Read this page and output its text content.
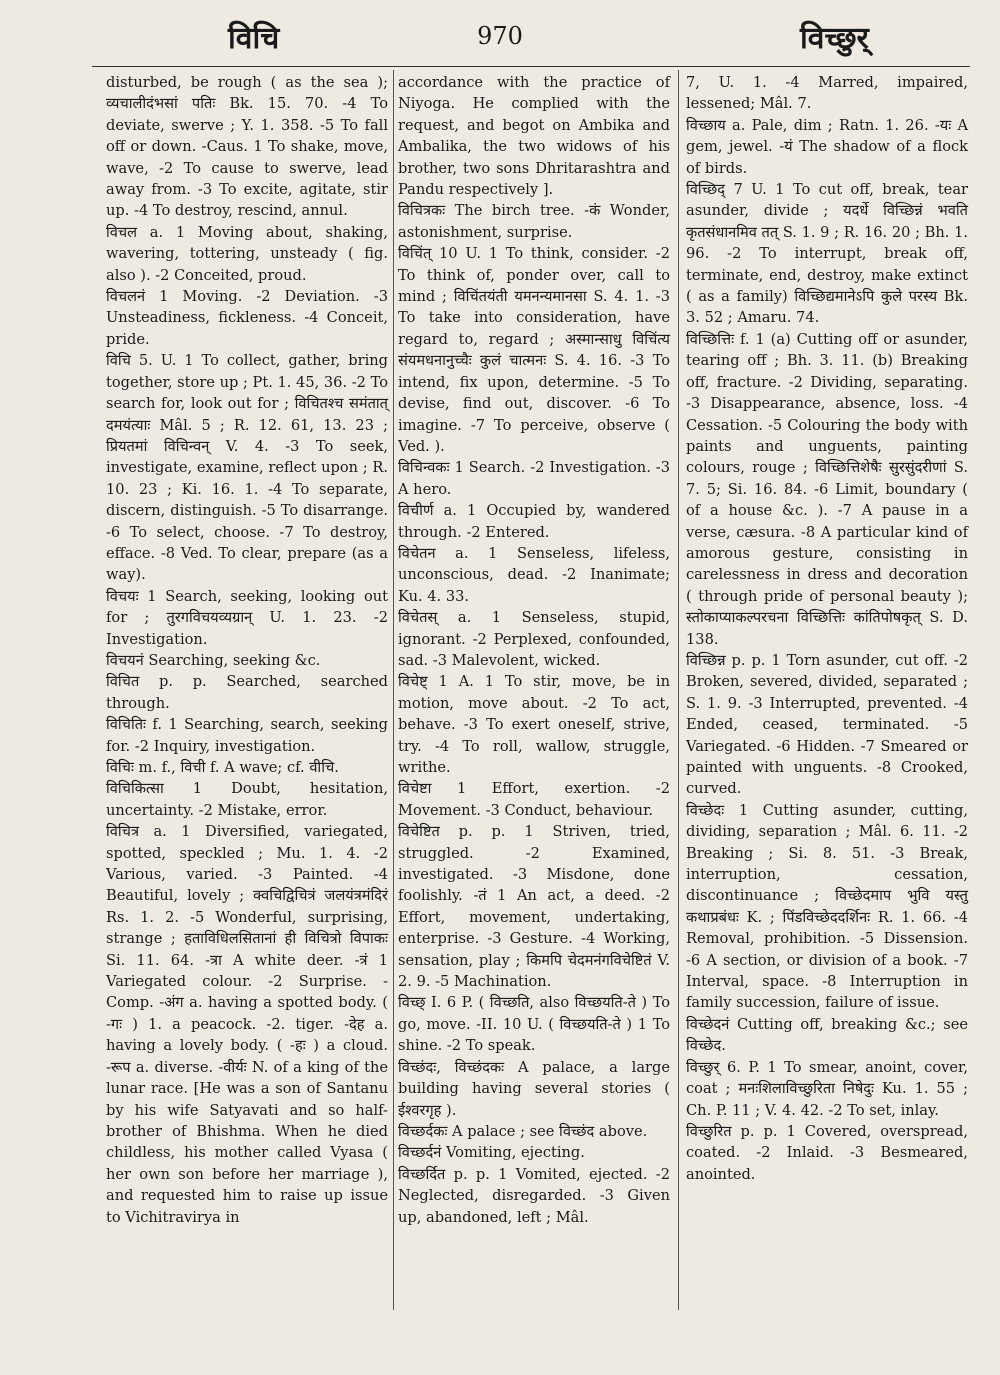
विचि	970	विच्छुर्

disturbed, be rough ( as the sea ); व्यचालीदंभसां पतिः Bk. 15. 70. -4 To deviate, swerve ; Y. 1. 358. -5 To fall off or down. -Caus. 1 To shake, move, wave, -2 To cause to swerve, lead away from. -3 To excite, agitate, stir up. -4 To destroy, rescind, annul.

विचल a. 1 Moving about, shaking, wavering, tottering, unsteady ( fig. also ). -2 Conceited, proud.

विचलनं 1 Moving. -2 Deviation. -3 Unsteadiness, fickleness. -4 Conceit, pride.

विचि 5. U. 1 To collect, gather, bring together, store up ; Pt. 1. 45, 36. -2 To search for, look out for ; विचितश्च समंतात् दमयंत्याः Mâl. 5 ; R. 12. 61, 13. 23 ; प्रियतमां विचिन्वन् V. 4. -3 To seek, investigate, examine, reflect upon ; R. 10. 23 ; Ki. 16. 1. -4 To separate, discern, distinguish. -5 To disarrange. -6 To select, choose. -7 To destroy, efface. -8 Ved. To clear, prepare (as a way).

विचयः 1 Search, seeking, looking out for ; तुरगविचयव्यग्रान् U. 1. 23. -2 Investigation.

विचयनं Searching, seeking &c.

विचित p. p. Searched, searched through.

विचितिः f. 1 Searching, search, seeking for. -2 Inquiry, investigation.

विचिः m. f., विची f. A wave; cf. वीचि.

विचिकित्सा 1 Doubt, hesitation, uncertainty. -2 Mistake, error.

विचित्र a. 1 Diversified, variegated, spotted, speckled ; Mu. 1. 4. -2 Various, varied. -3 Painted. -4 Beautiful, lovely ; क्वचिद्विचित्रं जलयंत्रमंदिरं Rs. 1. 2. -5 Wonderful, surprising, strange ; हताविधिलसितानां ही विचित्रो विपाकः Si. 11. 64. -त्रा A white deer. -त्रं 1 Variegated colour. -2 Surprise. -Comp. -अंग a. having a spotted body. ( -गः ) 1. a peacock. -2. tiger. -देह a. having a lovely body. ( -हः ) a cloud. -रूप a. diverse. -वीर्यः N. of a king of the lunar race. [He was a son of Santanu by his wife Satyavati and so half-brother of Bhishma. When he died childless, his mother called Vyasa ( her own son before her marriage ), and requested him to raise up issue to Vichitravirya in

accordance with the practice of Niyoga. He complied with the request, and begot on Ambika and Ambalika, the two widows of his brother, two sons Dhritarashtra and Pandu respectively ].

विचित्रकः The birch tree. -कं Wonder, astonishment, surprise.

विचिंत् 10 U. 1 To think, consider. -2 To think of, ponder over, call to mind ; विचिंतयंती यमनन्यमानसा S. 4. 1. -3 To take into consideration, have regard to, regard ; अस्मान्साधु विचिंत्य संयमधनानुच्चैः कुलं चात्मनः S. 4. 16. -3 To intend, fix upon, determine. -5 To devise, find out, discover. -6 To imagine. -7 To perceive, observe ( Ved. ).

विचिन्वकः 1 Search. -2 Investigation. -3 A hero.

विचीर्ण a. 1 Occupied by, wandered through. -2 Entered.

विचेतन a. 1 Senseless, lifeless, unconscious, dead. -2 Inanimate; Ku. 4. 33.

विचेतस् a. 1 Senseless, stupid, ignorant. -2 Perplexed, confounded, sad. -3 Malevolent, wicked.

विचेष्ट् 1 A. 1 To stir, move, be in motion, move about. -2 To act, behave. -3 To exert oneself, strive, try. -4 To roll, wallow, struggle, writhe.

विचेष्टा 1 Effort, exertion. -2 Movement. -3 Conduct, behaviour.

विचेष्टित p. p. 1 Striven, tried, struggled. -2 Examined, investigated. -3 Misdone, done foolishly. -तं 1 An act, a deed. -2 Effort, movement, undertaking, enterprise. -3 Gesture. -4 Working, sensation, play ; किमपि चेदमनंगविचेष्टितं V. 2. 9. -5 Machination.

विच्छ् I. 6 P. ( विच्छति, also विच्छयति-ते ) To go, move. -II. 10 U. ( विच्छयति-ते ) 1 To shine. -2 To speak.

विच्छंदः, विच्छंदकः A palace, a large building having several stories ( ईश्वरगृह ).

विच्छर्दकः A palace ; see विच्छंद above.

विच्छर्दनं Vomiting, ejecting.

विच्छर्दित p. p. 1 Vomited, ejected. -2 Neglected, disregarded. -3 Given up, abandoned, left ; Mâl.

7, U. 1. -4 Marred, impaired, lessened; Mâl. 7.

विच्छाय a. Pale, dim ; Ratn. 1. 26. -यः A gem, jewel. -यं The shadow of a flock of birds.

विच्छिद् 7 U. 1 To cut off, break, tear asunder, divide ; यदर्धे विच्छिन्नं भवति कृतसंधानमिव तत् S. 1. 9 ; R. 16. 20 ; Bh. 1. 96. -2 To interrupt, break off, terminate, end, destroy, make extinct ( as a family) विच्छिद्यमानेऽपि कुले परस्य Bk. 3. 52 ; Amaru. 74.

विच्छित्तिः f. 1 (a) Cutting off or asunder, tearing off ; Bh. 3. 11. (b) Breaking off, fracture. -2 Dividing, separating. -3 Disappearance, absence, loss. -4 Cessation. -5 Colouring the body with paints and unguents, painting colours, rouge ; विच्छित्तिशेषैः सुरसुंदरीणां S. 7. 5; Si. 16. 84. -6 Limit, boundary ( of a house &c. ). -7 A pause in a verse, cæsura. -8 A particular kind of amorous gesture, consisting in carelessness in dress and decoration ( through pride of personal beauty ); स्तोकाप्याकल्परचना विच्छित्तिः कांतिपोषकृत् S. D. 138.

विच्छिन्न p. p. 1 Torn asunder, cut off. -2 Broken, severed, divided, separated ; S. 1. 9. -3 Interrupted, prevented. -4 Ended, ceased, terminated. -5 Variegated. -6 Hidden. -7 Smeared or painted with unguents. -8 Crooked, curved.

विच्छेदः 1 Cutting asunder, cutting, dividing, separation ; Mâl. 6. 11. -2 Breaking ; Si. 8. 51. -3 Break, interruption, cessation, discontinuance ; विच्छेदमाप भुवि यस्तु कथाप्रबंधः K. ; पिंडविच्छेददर्शिनः R. 1. 66. -4 Removal, prohibition. -5 Dissension. -6 A section, or division of a book. -7 Interval, space. -8 Interruption in family succession, failure of issue.

विच्छेदनं Cutting off, breaking &c.; see विच्छेद.

विच्छुर् 6. P. 1 To smear, anoint, cover, coat ; मनःशिलाविच्छुरिता निषेदुः Ku. 1. 55 ; Ch. P. 11 ; V. 4. 42. -2 To set, inlay.

विच्छुरित p. p. 1 Covered, overspread, coated. -2 Inlaid. -3 Besmeared, anointed.
